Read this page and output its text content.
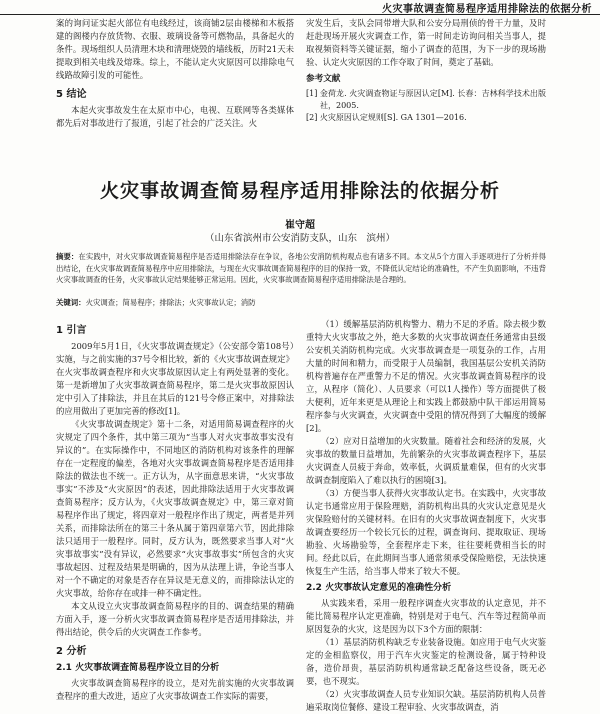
火灾事故调查简易程序适用排除法的依据分析

案的询问证实起火部位有电线经过，该商铺2层由楼梯和木板搭建的阁楼内存放货物、衣服、玻璃设备等可燃物品，具备起火的条件。现场组织人员清理木块和清理烧毁的墙线板，历时21天未提取到相关电线及熔珠。综上，不能认定火灾原因可以排除电气线路故障引发的可能性。

5 结论

本起火灾事故发生在太原市中心，电视、互联网等各类媒体都先后对事故进行了报道，引起了社会的广泛关注。火

灾发生后，支队会同带增大队和公安分局刑侦的骨干力量，及时赶赴现场开展火灾调查工作，第一时间走访询问相关当事人，提取视频资料等关键证据，缩小了调查的范围，为下一步的现场勘验、认定火灾原因的工作夺取了时间，奠定了基础。

参考文献
[1] 金荷龙. 火灾调查物证与原因认定[M]. 长春：吉林科学技术出版社，2005.
[2] 火灾原因认定规则[S]. GA 1301—2016.
火灾事故调查简易程序适用排除法的依据分析
崔守超
（山东省滨州市公安消防支队，山东　滨州）
摘要：在实践中，对火灾事故调查简易程序是否适用排除法存在争议，各地公安消防机构观点也有诸多不同。本文从5个方面入手逐项进行了分析并得出结论，在火灾事故调查简易程序中应用排除法，与现在火灾事故调查简易程序的目的保持一致，不降低认定结论的准确性，不产生负面影响，不违背火灾事故调查的任务，火灾事故认定结果能够正常运用。因此，火灾事故调查简易程序适用排除法是合理的。
关键词：火灾调查；简易程序；排除法；火灾事故认定；消防
1 引言

2009年5月1日，《火灾事故调查规定》（公安部令第108号）实施，与之前实施的37号令相比较，新的《火灾事故调查规定》在火灾事故调查程序和火灾事故原因认定上有两处显著的变化。第一是新增加了火灾事故调查简易程序，第二是火灾事故原因认定中引入了排除法，并且在其后的121号令修正案中，对排除法的应用做出了更加完善的修改[1]。

《火灾事故调查规定》第十二条，对适用简易调查程序的火灾规定了四个条件，其中第三项为“当事人对火灾事故事实没有异议的”。在实际操作中，不同地区的消防机构对该条件的理解存在一定程度的偏差，各地对火灾事故调查简易程序是否适用排除法的做法也不统一。正方认为，从字面意思来讲，“火灾事故事实”不涉及“火灾原因”的表述，因此排除法适用于火灾事故调查简易程序；反方认为，《火灾事故调查规定》中，第三章对简易程序作出了规定，将四章对一般程序作出了规定，两者是并列关系，而排除法所在的第三十条从属于第四章第六节，因此排除法只适用于一般程序。同时，反方认为，既然要求当事人对“火灾事故事实”没有异议，必然要求“火灾事故事实”所包含的火灾事故起因、过程及结果是明确的，因为从法理上讲，争论当事人对一个不确定的对象是否存在异议是无意义的，而排除法认定的火灾事故，给你存在或排一种不确定性。

本文从设立火灾事故调查简易程序的目的、调查结果的精确方面入手，逐一分析火灾事故调查简易程序是否适用排除法，并得出结论，供令后的火灾调查工作参考。

2 分析
2.1 火灾事故调查简易程序设立目的分析

火灾事故调查简易程序的设立，是对先前实施的火灾事故调查程序的重大改进，适应了火灾事故调查工作实际的需要，

（1）缓解基层消防机构警力、精力不足的矛盾。除去极少数重特大火灾事故之外，绝大多数的火灾事故调查任务通常由县级公安机关消防机构完成。火灾事故调查是一项复杂的工作，占用大量的时间和精力，而受限于人员编制，我国基层公安机关消防机构普遍存在严重警力不足的情况。火灾事故调查简易程序的设立，从程序（简化）、人员要求（可以1人操作）等方面提供了极大便利，近年来更是从理论上和实践上都鼓励中队干部运用简易程序参与火灾调查，火灾调查中受阻的情况得到了大幅度的缓解[2]。

（2）应对日益增加的火灾数量。随着社会和经济的发展，火灾事故的数量日益增加，先前繁杂的火灾事故调查程序下，基层火灾调查人员疲于奔命，效率低，火调质量难保，但有的火灾事故调查制度陷入了难以执行的困境[3]。

（3）方便当事人获得火灾事故认定书。在实践中，火灾事故认定书通常应用于保险理赔，消防机构出具的火灾认定意见是火灾保险赔付的关键材料。在旧有的火灾事故调查制度下，火灾事故调查要经历一个较长冗长的过程，调查询问、提取取证、现场勘验、火场勘验等，全套程序走下来，往往要耗费相当长的时间。经此以后，在此期间当事人通常须承受保险赔偿，无法快速恢复生产生活，给当事人带来了较大不便。

2.2 火灾事故认定意见的准确性分析

从实践来看，采用一般程序调查火灾事故的认定意见，并不能比简易程序认定更准确，特别是对于电气、汽车等过程简单而原因复杂的火灾，这是因为以下3个方面的限制：

（1）基层消防机构缺乏专业装备设施。如应用于电气火灾鉴定的金相监察仪，用于汽车火灾鉴定的检测设备，属于特种设备，造价昂贵，基层消防机构通常缺乏配备这些设备，既无必要，也不现实。

（2）火灾事故调查人员专业知识欠缺。基层消防机构人员普遍采取岗位餐修、建设工程审验、火灾事故调查，消
